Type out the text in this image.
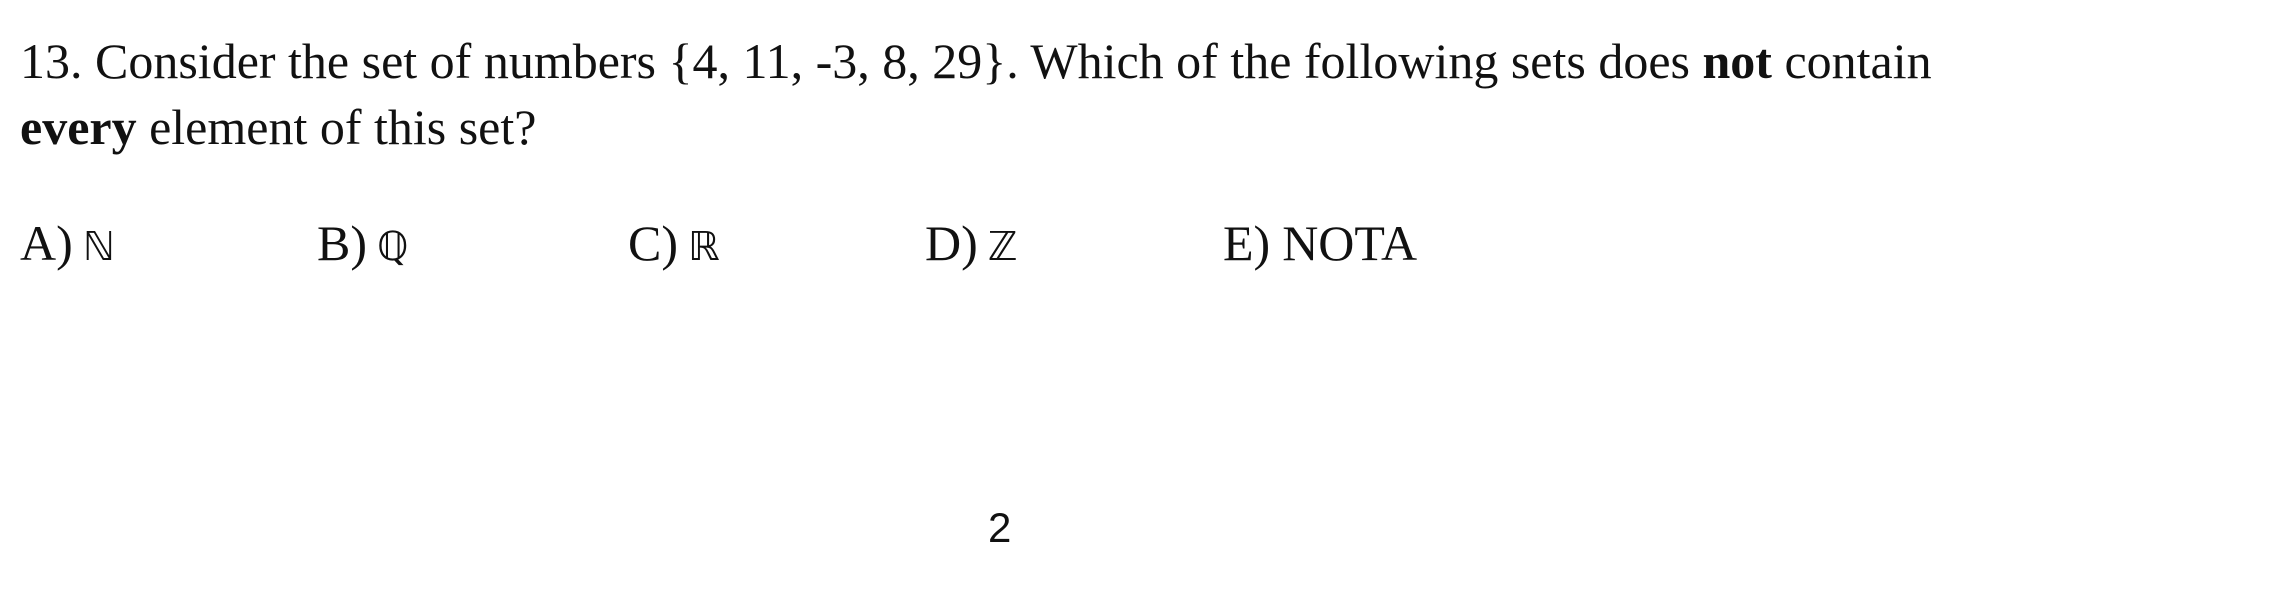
13. Consider the set of numbers {4, 11, -3, 8, 29}. Which of the following sets does not contain
every element of this set?
A) ℕ	B) ℚ	C) ℝ	D) ℤ	E) NOTA
2
